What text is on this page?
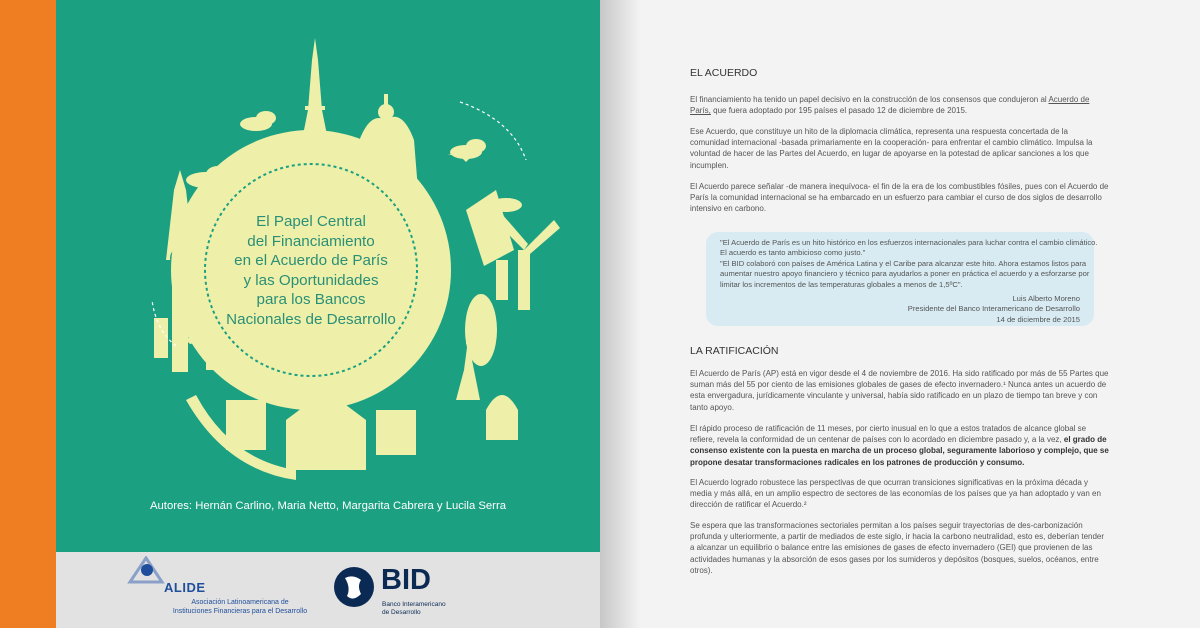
El Papel Central
del Financiamiento
en el Acuerdo de París
y las Oportunidades
para los Bancos
Nacionales de Desarrollo
Autores: Hernán Carlino, Maria Netto, Margarita Cabrera y Lucila Serra
ALIDE
Asociación Latinoamericana de
Instituciones Financieras para el Desarrollo
BID
Banco Interamericano
de Desarrollo
EL ACUERDO
El financiamiento ha tenido un papel decisivo en la construcción de los consensos que condujeron al Acuerdo de
París, que fuera adoptado por 195 países el pasado 12 de diciembre de 2015.
Ese Acuerdo, que constituye un hito de la diplomacia climática, representa una respuesta concertada de la
comunidad internacional -basada primariamente en la cooperación- para enfrentar el cambio climático. Impulsa la
voluntad de hacer de las Partes del Acuerdo, en lugar de apoyarse en la potestad de aplicar sanciones a los que
incumplen.
El Acuerdo parece señalar -de manera inequívoca- el fin de la era de los combustibles fósiles, pues con el Acuerdo de
París la comunidad internacional se ha embarcado en un esfuerzo para cambiar el curso de dos siglos de desarrollo
intensivo en carbono.
LA RATIFICACIÓN
El Acuerdo de París (AP) está en vigor desde el 4 de noviembre de 2016. Ha sido ratificado por más de 55 Partes que
suman más del 55 por ciento de las emisiones globales de gases de efecto invernadero.¹ Nunca antes un acuerdo de
esta envergadura, jurídicamente vinculante y universal, había sido ratificado en un plazo de tiempo tan breve y con
tanto apoyo.
El rápido proceso de ratificación de 11 meses, por cierto inusual en lo que a estos tratados de alcance global se
refiere, revela la conformidad de un centenar de países con lo acordado en diciembre pasado y, a la vez, el grado de
consenso existente con la puesta en marcha de un proceso global, seguramente laborioso y complejo, que se
propone desatar transformaciones radicales en los patrones de producción y consumo.
El Acuerdo logrado robustece las perspectivas de que ocurran transiciones significativas en la próxima década y
media y más allá, en un amplio espectro de sectores de las economías de los países que ya han adoptado y van en
dirección de ratificar el Acuerdo.²
Se espera que las transformaciones sectoriales permitan a los países seguir trayectorias de des-carbonización
profunda y ulteriormente, a partir de mediados de este siglo, ir hacia la carbono neutralidad, esto es, deberían tender
a alcanzar un equilibrio o balance entre las emisiones de gases de efecto invernadero (GEI) que provienen de las
actividades humanas y la absorción de esos gases por los sumideros y depósitos (bosques, suelos, océanos, entre
otros).
"El Acuerdo de París es un hito histórico en los esfuerzos internacionales para luchar contra el cambio climático.
El acuerdo es tanto ambicioso como justo."
"El BID colaboró con países de América Latina y el Caribe para alcanzar este hito. Ahora estamos listos para
aumentar nuestro apoyo financiero y técnico para ayudarlos a poner en práctica el acuerdo y a esforzarse por
limitar los incrementos de las temperaturas globales a menos de 1,5ºC".
Luis Alberto Moreno
Presidente del Banco Interamericano de Desarrollo
14 de diciembre de 2015
